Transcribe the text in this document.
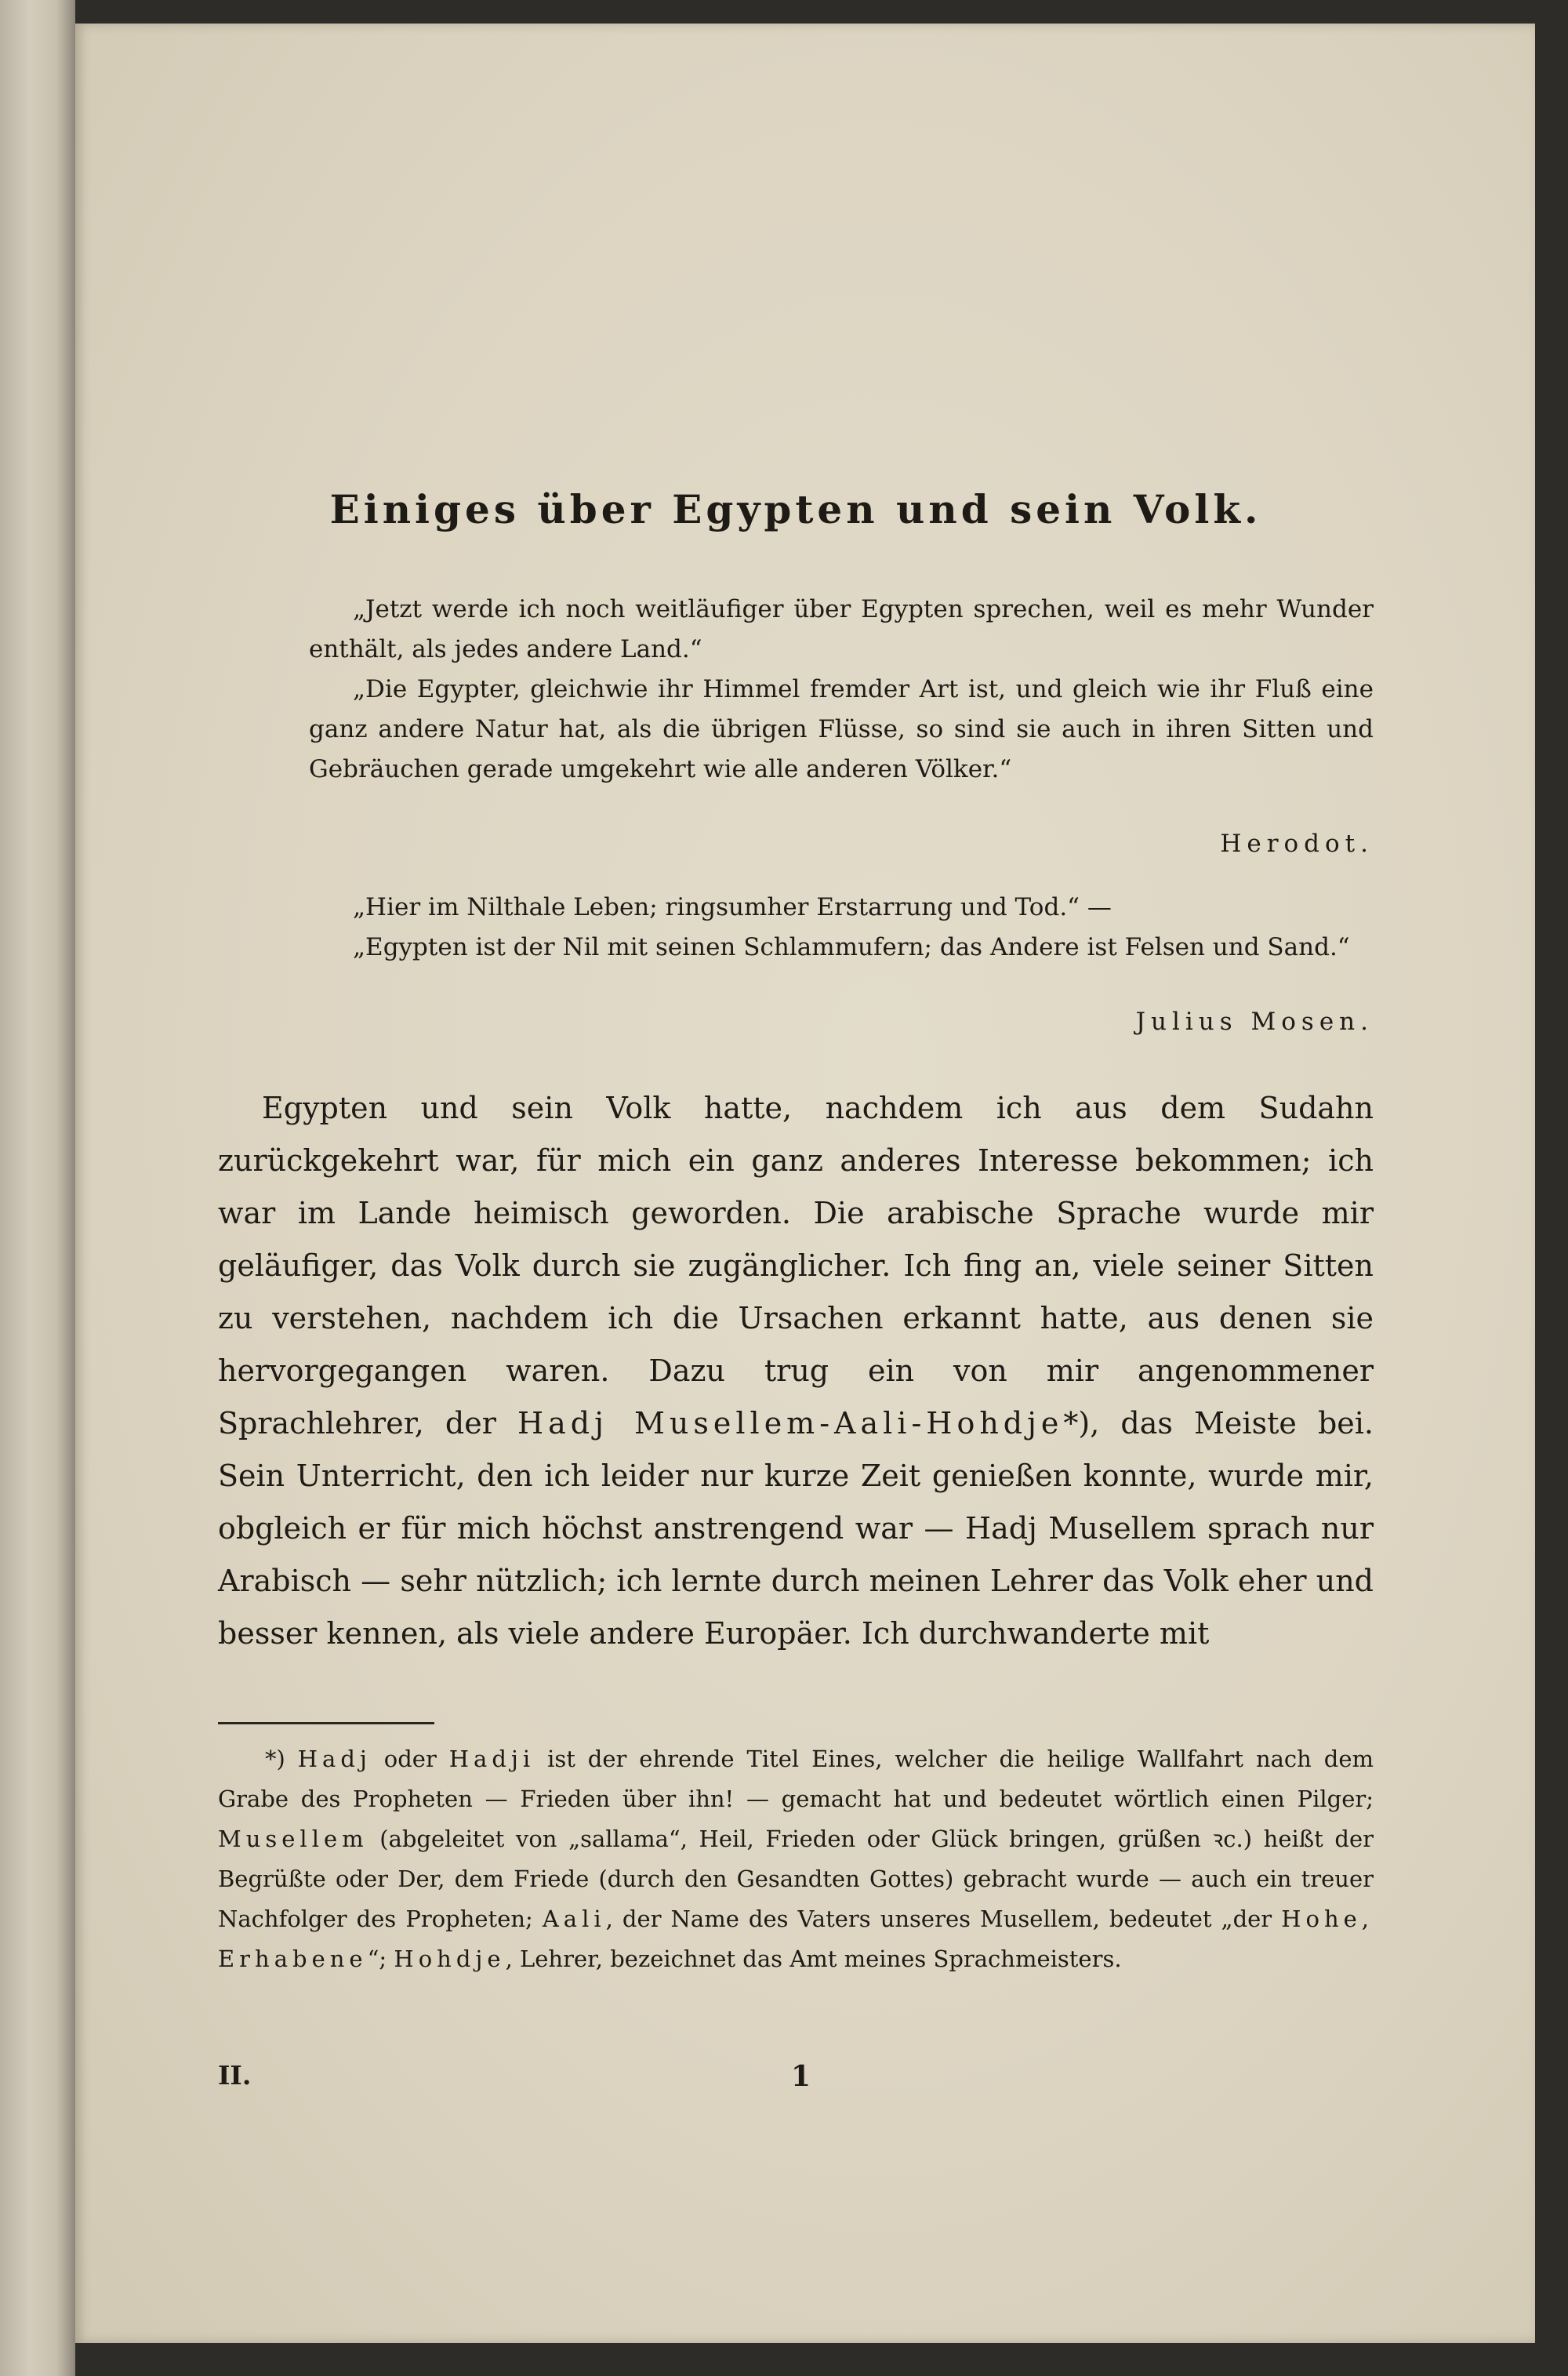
Einiges über Egypten und sein Volk.

„Jetzt werde ich noch weitläufiger über Egypten sprechen, weil es mehr Wunder enthält, als jedes andere Land.“

„Die Egypter, gleichwie ihr Himmel fremder Art ist, und gleich wie ihr Fluß eine ganz andere Natur hat, als die übrigen Flüsse, so sind sie auch in ihren Sitten und Gebräuchen gerade umgekehrt wie alle anderen Völker.“

Herodot.

„Hier im Nilthale Leben; ringsumher Erstarrung und Tod.“ —

„Egypten ist der Nil mit seinen Schlammufern; das Andere ist Felsen und Sand.“

Julius Mosen.

Egypten und sein Volk hatte, nachdem ich aus dem Sudahn zurückgekehrt war, für mich ein ganz anderes Interesse bekommen; ich war im Lande heimisch geworden. Die arabische Sprache wurde mir geläufiger, das Volk durch sie zugänglicher. Ich fing an, viele seiner Sitten zu verstehen, nachdem ich die Ursachen erkannt hatte, aus denen sie hervorgegangen waren. Dazu trug ein von mir angenommener Sprachlehrer, der Hadj Musellem-Aali-Hohdje*), das Meiste bei. Sein Unterricht, den ich leider nur kurze Zeit genießen konnte, wurde mir, obgleich er für mich höchst anstrengend war — Hadj Musellem sprach nur Arabisch — sehr nützlich; ich lernte durch meinen Lehrer das Volk eher und besser kennen, als viele andere Europäer. Ich durchwanderte mit

*) Hadj oder Hadji ist der ehrende Titel Eines, welcher die heilige Wallfahrt nach dem Grabe des Propheten — Frieden über ihn! — gemacht hat und bedeutet wörtlich einen Pilger; Musellem (abgeleitet von „sallama“, Heil, Frieden oder Glück bringen, grüßen ꝛc.) heißt der Begrüßte oder Der, dem Friede (durch den Gesandten Gottes) gebracht wurde — auch ein treuer Nachfolger des Propheten; Aali, der Name des Vaters unseres Musellem, bedeutet „der Hohe, Erhabene“; Hohdje, Lehrer, bezeichnet das Amt meines Sprachmeisters.

II.	1
